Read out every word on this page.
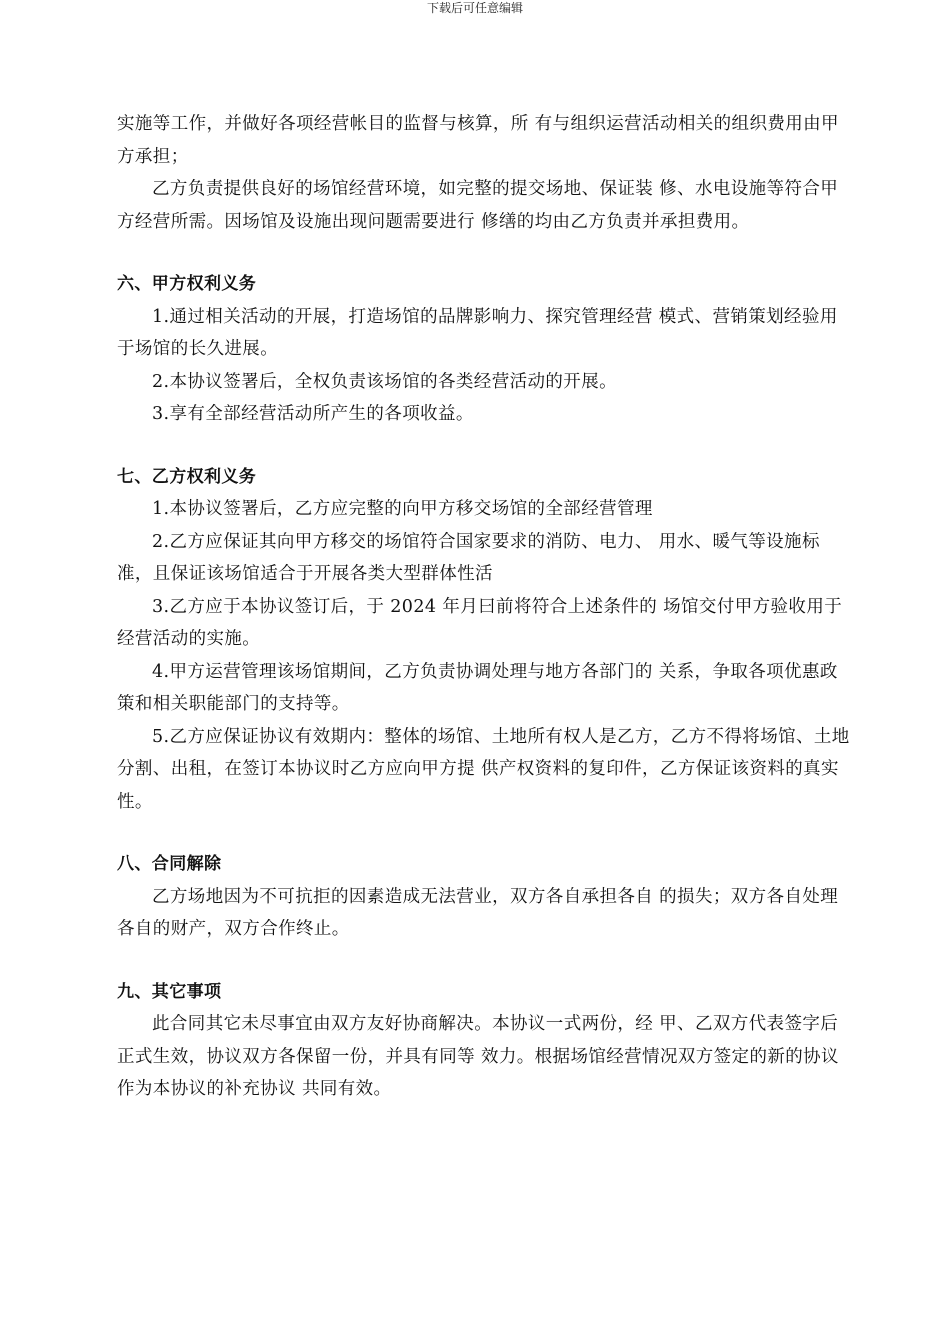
下载后可任意编辑

实施等工作，并做好各项经营帐目的监督与核算，所 有与组织运营活动相关的组织费用由甲方承担；

乙方负责提供良好的场馆经营环境，如完整的提交场地、保证装 修、水电设施等符合甲方经营所需。因场馆及设施出现问题需要进行 修缮的均由乙方负责并承担费用。

六、甲方权利义务

1.通过相关活动的开展，打造场馆的品牌影响力、探究管理经营 模式、营销策划经验用于场馆的长久进展。

2.本协议签署后，全权负责该场馆的各类经营活动的开展。

3.享有全部经营活动所产生的各项收益。

七、乙方权利义务

1.本协议签署后，乙方应完整的向甲方移交场馆的全部经营管理

2.乙方应保证其向甲方移交的场馆符合国家要求的消防、电力、 用水、暖气等设施标准，且保证该场馆适合于开展各类大型群体性活

3.乙方应于本协议签订后，于 2024 年月曰前将符合上述条件的 场馆交付甲方验收用于经营活动的实施。

4.甲方运营管理该场馆期间，乙方负责协调处理与地方各部门的 关系，争取各项优惠政策和相关职能部门的支持等。

5.乙方应保证协议有效期内：整体的场馆、土地所有权人是乙方，乙方不得将场馆、土地分割、出租，在签订本协议时乙方应向甲方提 供产权资料的复印件，乙方保证该资料的真实性。

八、合同解除

乙方场地因为不可抗拒的因素造成无法营业，双方各自承担各自 的损失；双方各自处理各自的财产，双方合作终止。

九、其它事项

此合同其它未尽事宜由双方友好协商解决。本协议一式两份，经 甲、乙双方代表签字后正式生效，协议双方各保留一份，并具有同等 效力。根据场馆经营情况双方签定的新的协议作为本协议的补充协议 共同有效。
